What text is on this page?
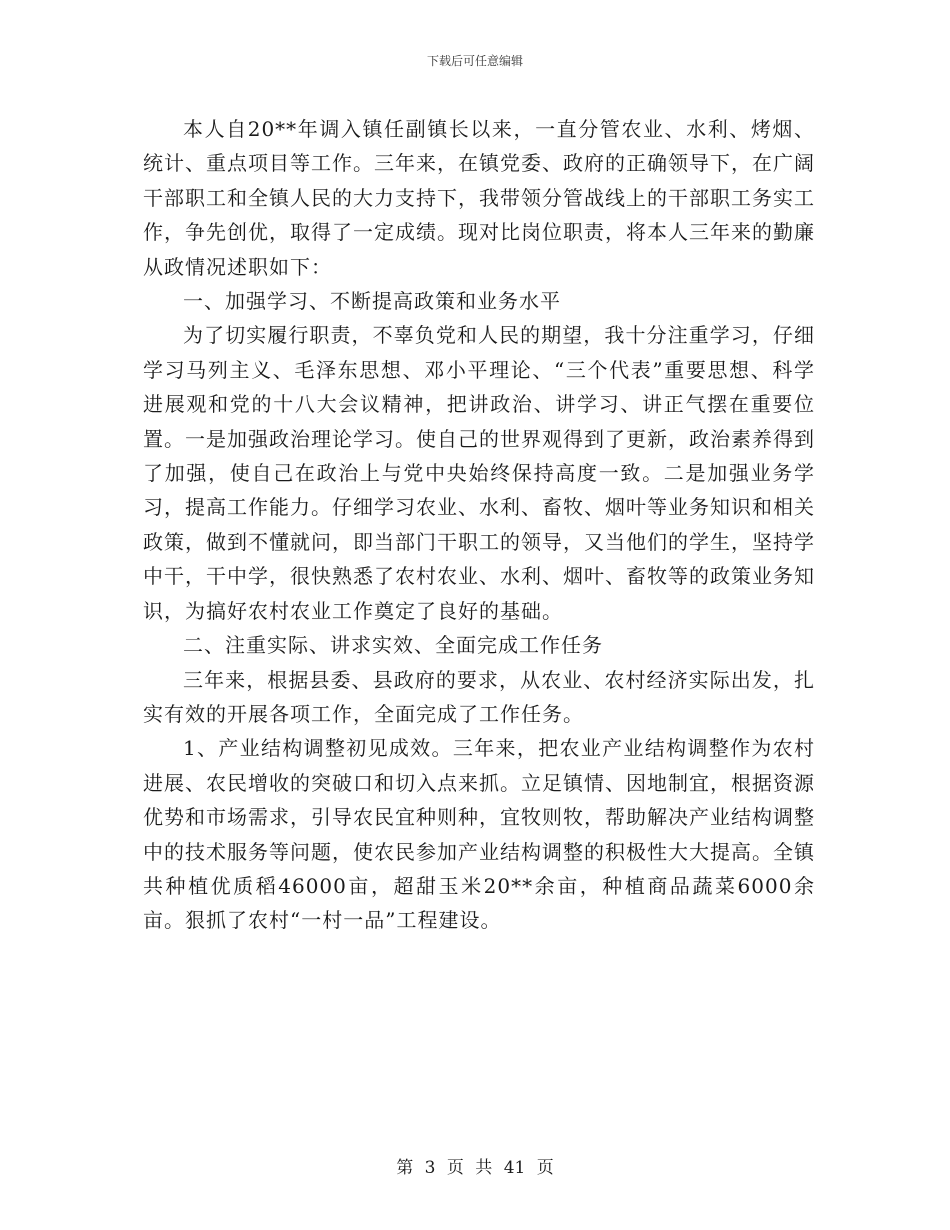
下载后可任意编辑

本人自20**年调入镇任副镇长以来，一直分管农业、水利、烤烟、统计、重点项目等工作。三年来，在镇党委、政府的正确领导下，在广阔干部职工和全镇人民的大力支持下，我带领分管战线上的干部职工务实工作，争先创优，取得了一定成绩。现对比岗位职责，将本人三年来的勤廉从政情况述职如下：

一、加强学习、不断提高政策和业务水平

为了切实履行职责，不辜负党和人民的期望，我十分注重学习，仔细学习马列主义、毛泽东思想、邓小平理论、“三个代表”重要思想、科学进展观和党的十八大会议精神，把讲政治、讲学习、讲正气摆在重要位置。一是加强政治理论学习。使自己的世界观得到了更新，政治素养得到了加强，使自己在政治上与党中央始终保持高度一致。二是加强业务学习，提高工作能力。仔细学习农业、水利、畜牧、烟叶等业务知识和相关政策，做到不懂就问，即当部门干职工的领导，又当他们的学生，坚持学中干，干中学，很快熟悉了农村农业、水利、烟叶、畜牧等的政策业务知识，为搞好农村农业工作奠定了良好的基础。

二、注重实际、讲求实效、全面完成工作任务

三年来，根据县委、县政府的要求，从农业、农村经济实际出发，扎实有效的开展各项工作，全面完成了工作任务。

1、产业结构调整初见成效。三年来，把农业产业结构调整作为农村进展、农民增收的突破口和切入点来抓。立足镇情、因地制宜，根据资源优势和市场需求，引导农民宜种则种，宜牧则牧，帮助解决产业结构调整中的技术服务等问题，使农民参加产业结构调整的积极性大大提高。全镇共种植优质稻46000亩，超甜玉米20**余亩，种植商品蔬菜6000余亩。狠抓了农村“一村一品”工程建设。

第 3 页 共 41 页
